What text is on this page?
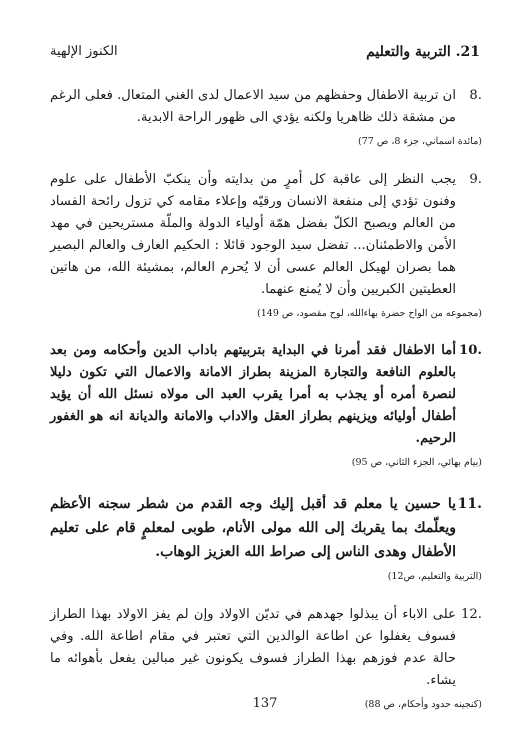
21. التربية والتعليم
الكنوز الإلهية
8.
ان تربية الاطفال وحفظهم من سيد الاعمال لدى الغني المتعال. فعلى الرغم من مشقة ذلك ظاهريا ولكنه يؤدي الى ظهور الراحة الابدية.
(مائدة اسماني، جزء 8، ص 77)
9.
يجب النظر إلى عاقبة كل أمرٍ من بدايته وأن ينكبّ الأطفال على علوم وفنون تؤدي إلى منفعة الانسان ورقيّه وإعلاء مقامه كي تزول رائحة الفساد من العالم ويصبح الكلّ بفضل همّة أولياء الدولة والملّة مستريحين في مهد الأمن والاطمئنان... تفضل سيد الوجود قائلا : الحكيم العارف والعالم البصير هما بصران لهيكل العالم عسى أن لا يُحرم العالم، بمشيئة الله، من هاتين العطيتين الكبريين وأن لا يُمنع عنهما.
(مجموعه من الواح حضرة بهاءالله، لوح مقصود، ص 149)
10.
أما الاطفال فقد أمرنا في البداية بتربيتهم باداب الدين وأحكامه ومن بعد بالعلوم النافعة والتجارة المزينة بطراز الامانة والاعمال التي تكون دليلا لنصرة أمره أو يجذب به أمرا يقرب العبد الى مولاه نسئل الله أن يؤيد أطفال أوليائه ويزينهم بطراز العقل والاداب والامانة والديانة انه هو الغفور الرحيم.
(بيام بهائي، الجزء الثاني، ص 95)
11.
يا حسين يا معلم قد أقبل إليك وجه القدم من شطر سجنه الأعظم ويعلّمك بما يقربك إلى الله مولى الأنام، طوبى لمعلمٍ قام على تعليم الأطفال وهدى الناس إلى صراط الله العزيز الوهاب.
(التربية والتعليم، ص12)
12.
على الاباء أن يبذلوا جهدهم في تديّن الاولاد وإن لم يفز الاولاد بهذا الطراز فسوف يغفلوا عن اطاعة الوالدين التي تعتبر في مقام اطاعة الله. وفي حالة عدم فوزهم بهذا الطراز فسوف يكونون غير مبالين يفعل بأهوائه ما يشاء.
(كنجينه حدود وأحكام، ص 88)
137
